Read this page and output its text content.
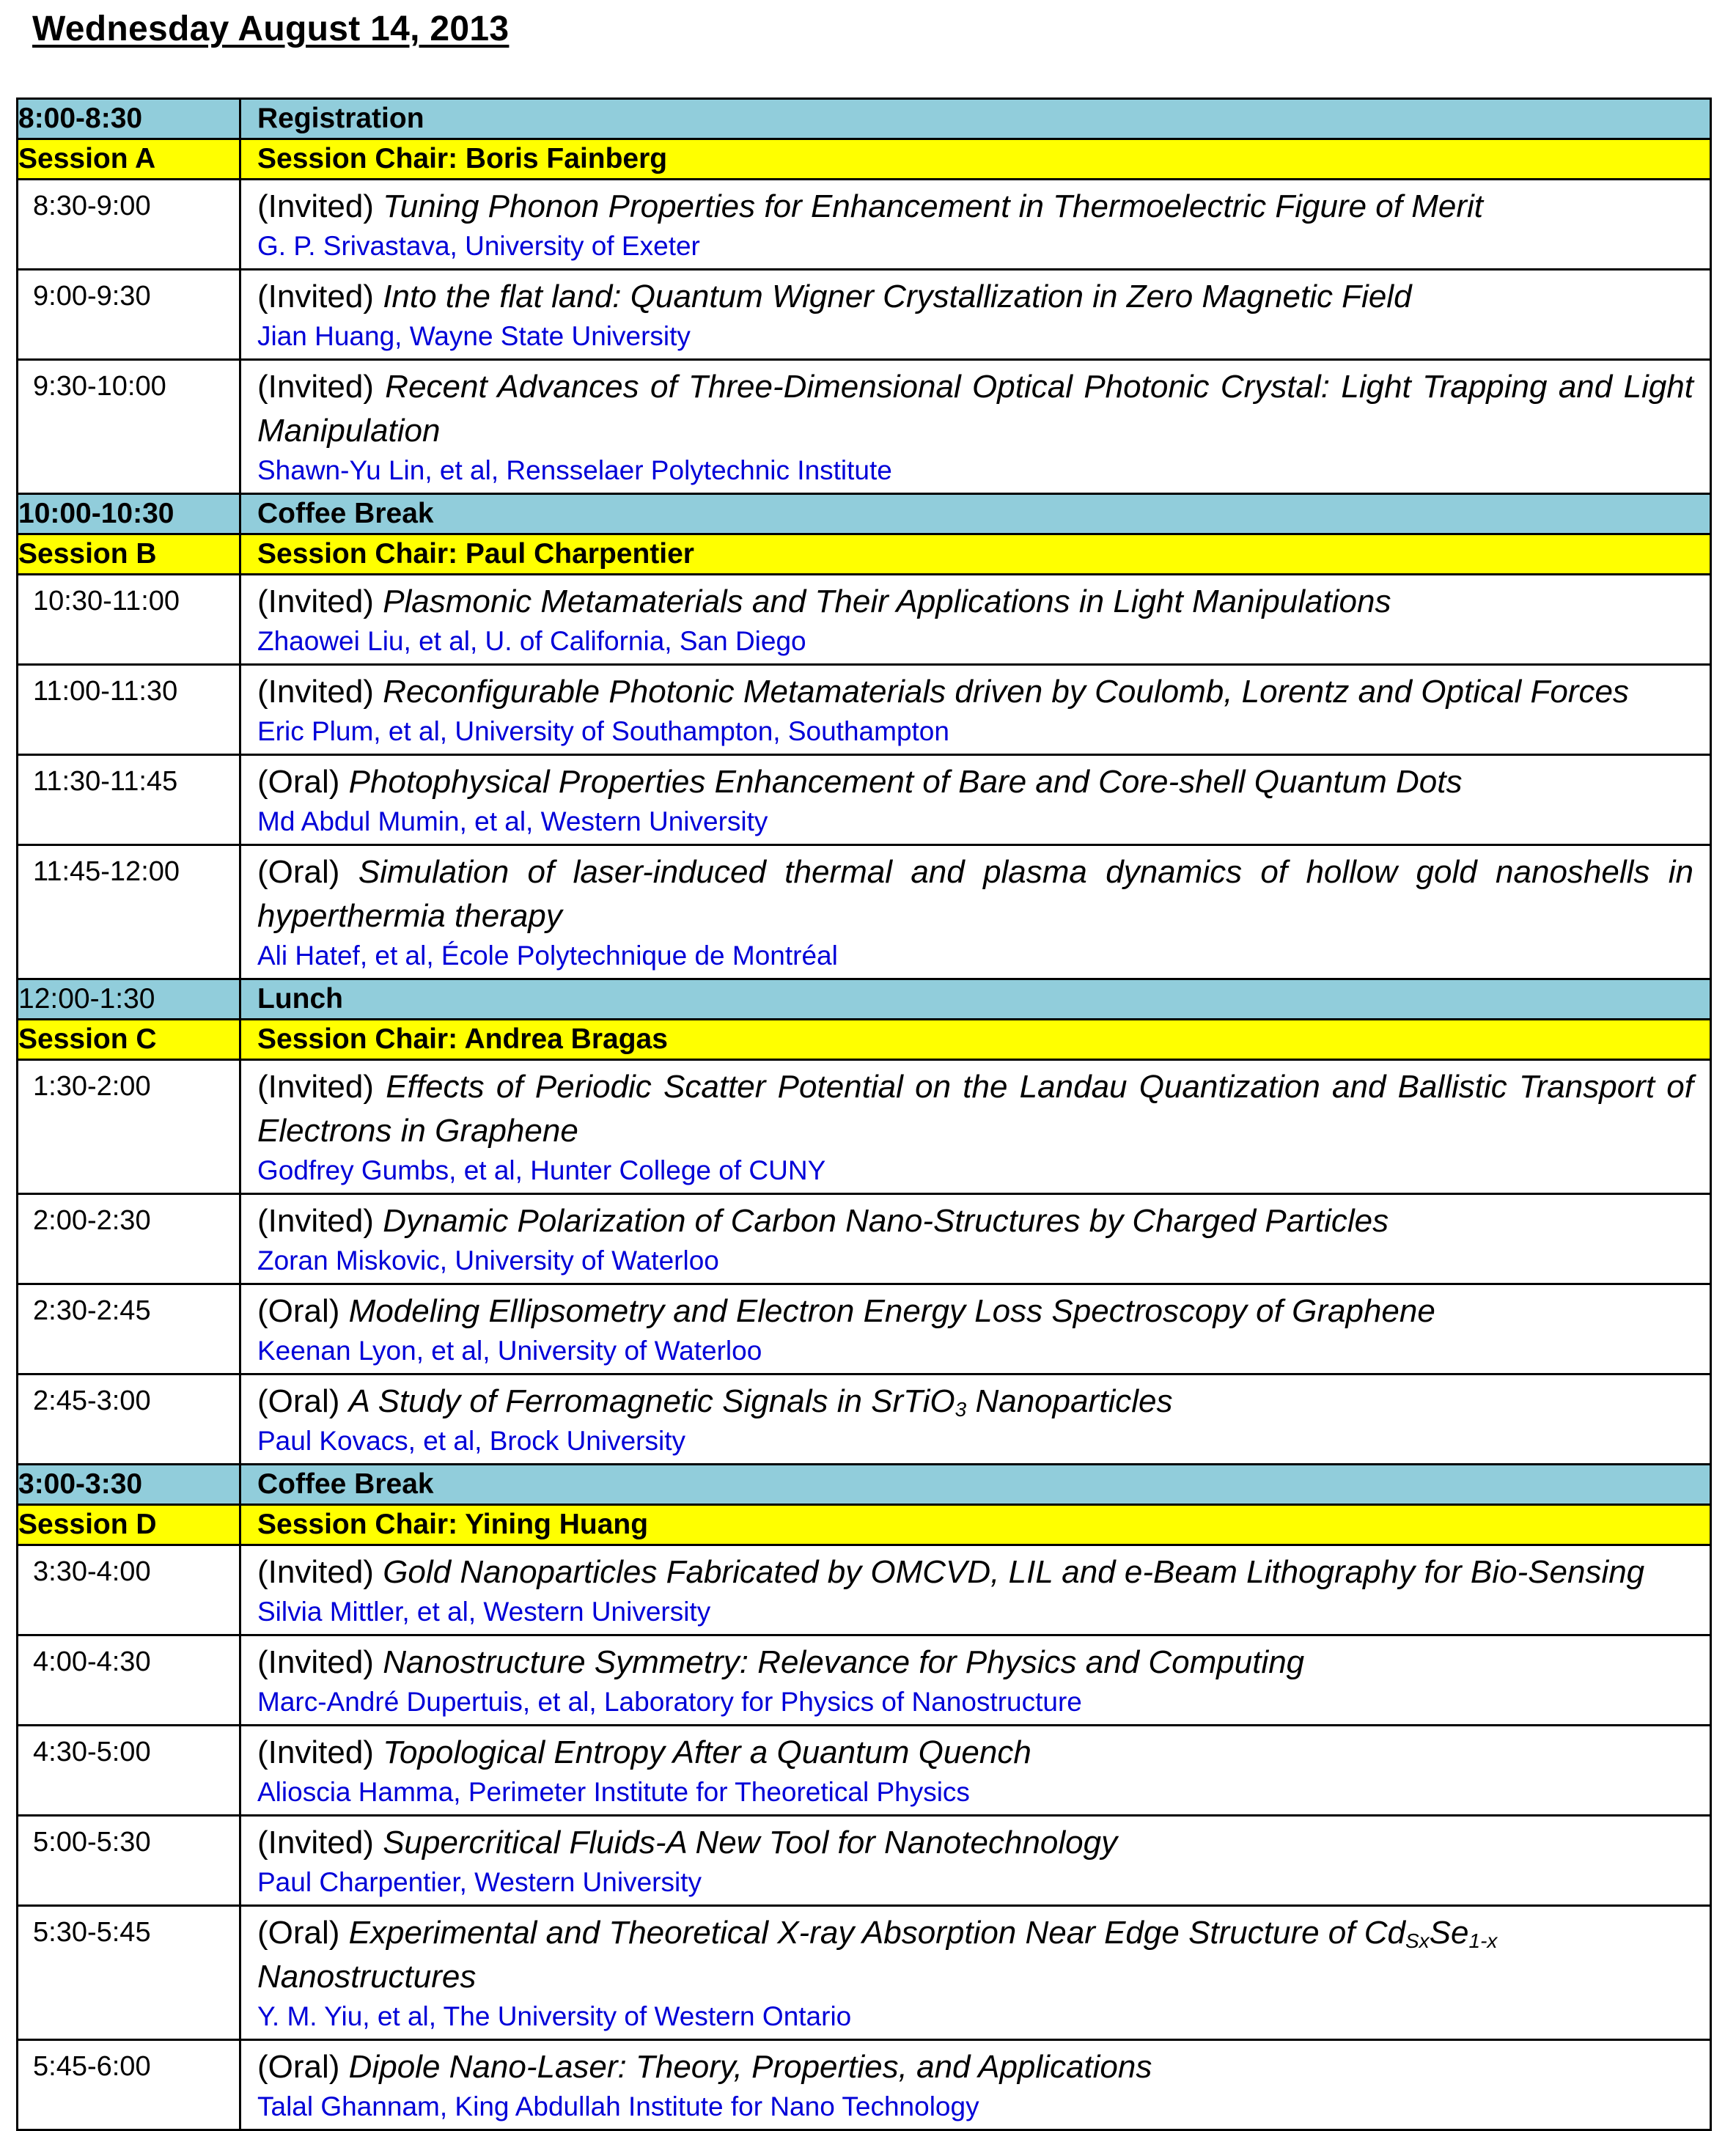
Wednesday August 14, 2013
8:00-8:30	Registration
Session A	Session Chair: Boris Fainberg
8:30-9:00	(Invited) Tuning Phonon Properties for Enhancement in Thermoelectric Figure of Merit
G. P. Srivastava, University of Exeter

9:00-9:30	(Invited) Into the flat land: Quantum Wigner Crystallization in Zero Magnetic Field
Jian Huang, Wayne State University

9:30-10:00	(Invited) Recent Advances of Three-Dimensional Optical Photonic Crystal: Light Trapping and Light Manipulation
Shawn-Yu Lin, et al, Rensselaer Polytechnic Institute

10:00-10:30	Coffee Break
Session B	Session Chair: Paul Charpentier
10:30-11:00	(Invited) Plasmonic Metamaterials and Their Applications in Light Manipulations
Zhaowei Liu, et al, U. of California, San Diego

11:00-11:30	(Invited) Reconfigurable Photonic Metamaterials driven by Coulomb, Lorentz and Optical Forces
Eric Plum, et al, University of Southampton, Southampton

11:30-11:45	(Oral) Photophysical Properties Enhancement of Bare and Core-shell Quantum Dots
Md Abdul Mumin, et al, Western University

11:45-12:00	(Oral) Simulation of laser-induced thermal and plasma dynamics of hollow gold nanoshells in hyperthermia therapy
Ali Hatef, et al, École Polytechnique de Montréal

12:00-1:30	Lunch
Session C	Session Chair: Andrea Bragas
1:30-2:00	(Invited) Effects of Periodic Scatter Potential on the Landau Quantization and Ballistic Transport of Electrons in Graphene
Godfrey Gumbs, et al, Hunter College of CUNY

2:00-2:30	(Invited) Dynamic Polarization of Carbon Nano-Structures by Charged Particles
Zoran Miskovic, University of Waterloo

2:30-2:45	(Oral) Modeling Ellipsometry and Electron Energy Loss Spectroscopy of Graphene
Keenan Lyon, et al, University of Waterloo

2:45-3:00	(Oral) A Study of Ferromagnetic Signals in SrTiO$_3$ Nanoparticles
Paul Kovacs, et al, Brock University

3:00-3:30	Coffee Break
Session D	Session Chair: Yining Huang
3:30-4:00	(Invited) Gold Nanoparticles Fabricated by OMCVD, LIL and e-Beam Lithography for Bio-Sensing
Silvia Mittler, et al, Western University

4:00-4:30	(Invited) Nanostructure Symmetry: Relevance for Physics and Computing
Marc-André Dupertuis, et al, Laboratory for Physics of Nanostructure

4:30-5:00	(Invited) Topological Entropy After a Quantum Quench
Alioscia Hamma, Perimeter Institute for Theoretical Physics

5:00-5:30	(Invited) Supercritical Fluids-A New Tool for Nanotechnology
Paul Charpentier, Western University

5:30-5:45	(Oral) Experimental and Theoretical X-ray Absorption Near Edge Structure of $Cd_{Sx}Se_{1-x}$
Nanostructures
Y. M. Yiu, et al, The University of Western Ontario

5:45-6:00	(Oral) Dipole Nano-Laser: Theory, Properties, and Applications
Talal Ghannam, King Abdullah Institute for Nano Technology
